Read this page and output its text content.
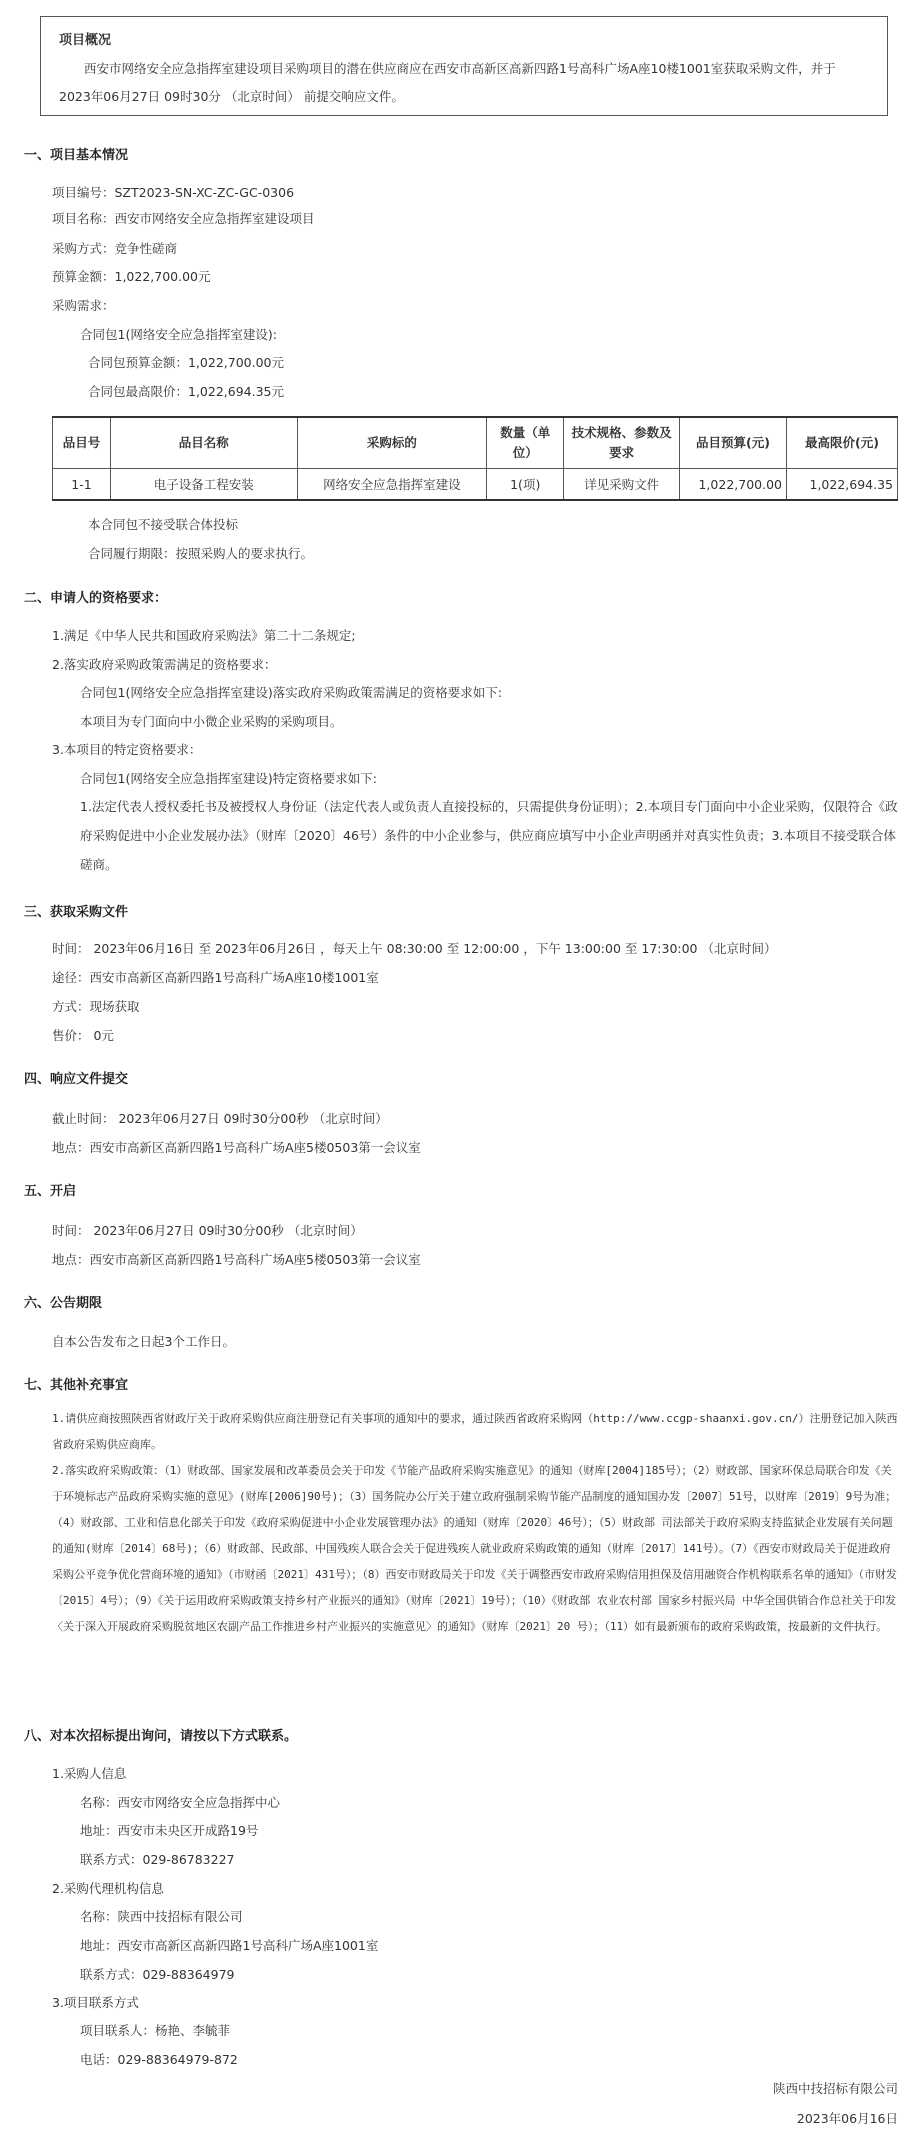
项目概况

西安市网络安全应急指挥室建设项目采购项目的潜在供应商应在西安市高新区高新四路1号高科广场A座10楼1001室获取采购文件，并于 2023年06月27日 09时30分 （北京时间） 前提交响应文件。

一、项目基本情况
项目编号：SZT2023-SN-XC-ZC-GC-0306
项目名称：西安市网络安全应急指挥室建设项目
采购方式：竞争性磋商
预算金额：1,022,700.00元
采购需求：
合同包1(网络安全应急指挥室建设):
合同包预算金额：1,022,700.00元
合同包最高限价：1,022,694.35元
品目号	品目名称	采购标的	数量（单位）	技术规格、参数及要求	品目预算(元)	最高限价(元)
1-1	电子设备工程安装	网络安全应急指挥室建设	1(项)	详见采购文件	1,022,700.00	1,022,694.35
本合同包不接受联合体投标
合同履行期限：按照采购人的要求执行。
二、申请人的资格要求：
1.满足《中华人民共和国政府采购法》第二十二条规定;
2.落实政府采购政策需满足的资格要求：
合同包1(网络安全应急指挥室建设)落实政府采购政策需满足的资格要求如下:
本项目为专门面向中小微企业采购的采购项目。
3.本项目的特定资格要求：
合同包1(网络安全应急指挥室建设)特定资格要求如下:
1.法定代表人授权委托书及被授权人身份证（法定代表人或负责人直接投标的，只需提供身份证明）；2.本项目专门面向中小企业采购，仅限符合《政府采购促进中小企业发展办法》（财库〔2020〕46号）条件的中小企业参与，供应商应填写中小企业声明函并对真实性负责；3.本项目不接受联合体磋商。
三、获取采购文件
时间： 2023年06月16日 至 2023年06月26日 ，每天上午 08:30:00 至 12:00:00 ，下午 13:00:00 至 17:30:00 （北京时间）
途径：西安市高新区高新四路1号高科广场A座10楼1001室
方式：现场获取
售价： 0元
四、响应文件提交
截止时间： 2023年06月27日 09时30分00秒 （北京时间）
地点：西安市高新区高新四路1号高科广场A座5楼0503第一会议室
五、开启
时间： 2023年06月27日 09时30分00秒 （北京时间）
地点：西安市高新区高新四路1号高科广场A座5楼0503第一会议室
六、公告期限
自本公告发布之日起3个工作日。
七、其他补充事宜
1.请供应商按照陕西省财政厅关于政府采购供应商注册登记有关事项的通知中的要求，通过陕西省政府采购网（http://www.ccgp-shaanxi.gov.cn/）注册登记加入陕西省政府采购供应商库。
2.落实政府采购政策：（1）财政部、国家发展和改革委员会关于印发《节能产品政府采购实施意见》的通知（财库[2004]185号）；（2）财政部、国家环保总局联合印发《关于环境标志产品政府采购实施的意见》(财库[2006]90号)；（3）国务院办公厅关于建立政府强制采购节能产品制度的通知国办发〔2007〕51号，以财库〔2019〕9号为准；（4）财政部、工业和信息化部关于印发《政府采购促进中小企业发展管理办法》的通知（财库〔2020〕46号）；（5）财政部 司法部关于政府采购支持监狱企业发展有关问题的通知(财库〔2014〕68号)；（6）财政部、民政部、中国残疾人联合会关于促进残疾人就业政府采购政策的通知（财库〔2017〕141号）。（7）《西安市财政局关于促进政府采购公平竞争优化营商环境的通知》（市财函〔2021〕431号）；（8）西安市财政局关于印发《关于调整西安市政府采购信用担保及信用融资合作机构联系名单的通知》（市财发〔2015〕4号）；（9）《关于运用政府采购政策支持乡村产业振兴的通知》（财库〔2021〕19号）；（10）《财政部 农业农村部 国家乡村振兴局 中华全国供销合作总社关于印发〈关于深入开展政府采购脱贫地区农副产品工作推进乡村产业振兴的实施意见〉的通知》（财库〔2021〕20 号）；（11）如有最新颁布的政府采购政策，按最新的文件执行。
八、对本次招标提出询问，请按以下方式联系。
1.采购人信息
名称：西安市网络安全应急指挥中心
地址：西安市未央区开成路19号
联系方式：029-86783227
2.采购代理机构信息
名称：陕西中技招标有限公司
地址：西安市高新区高新四路1号高科广场A座1001室
联系方式：029-88364979
3.项目联系方式
项目联系人：杨艳、李毓菲
电话：029-88364979-872
陕西中技招标有限公司
2023年06月16日
